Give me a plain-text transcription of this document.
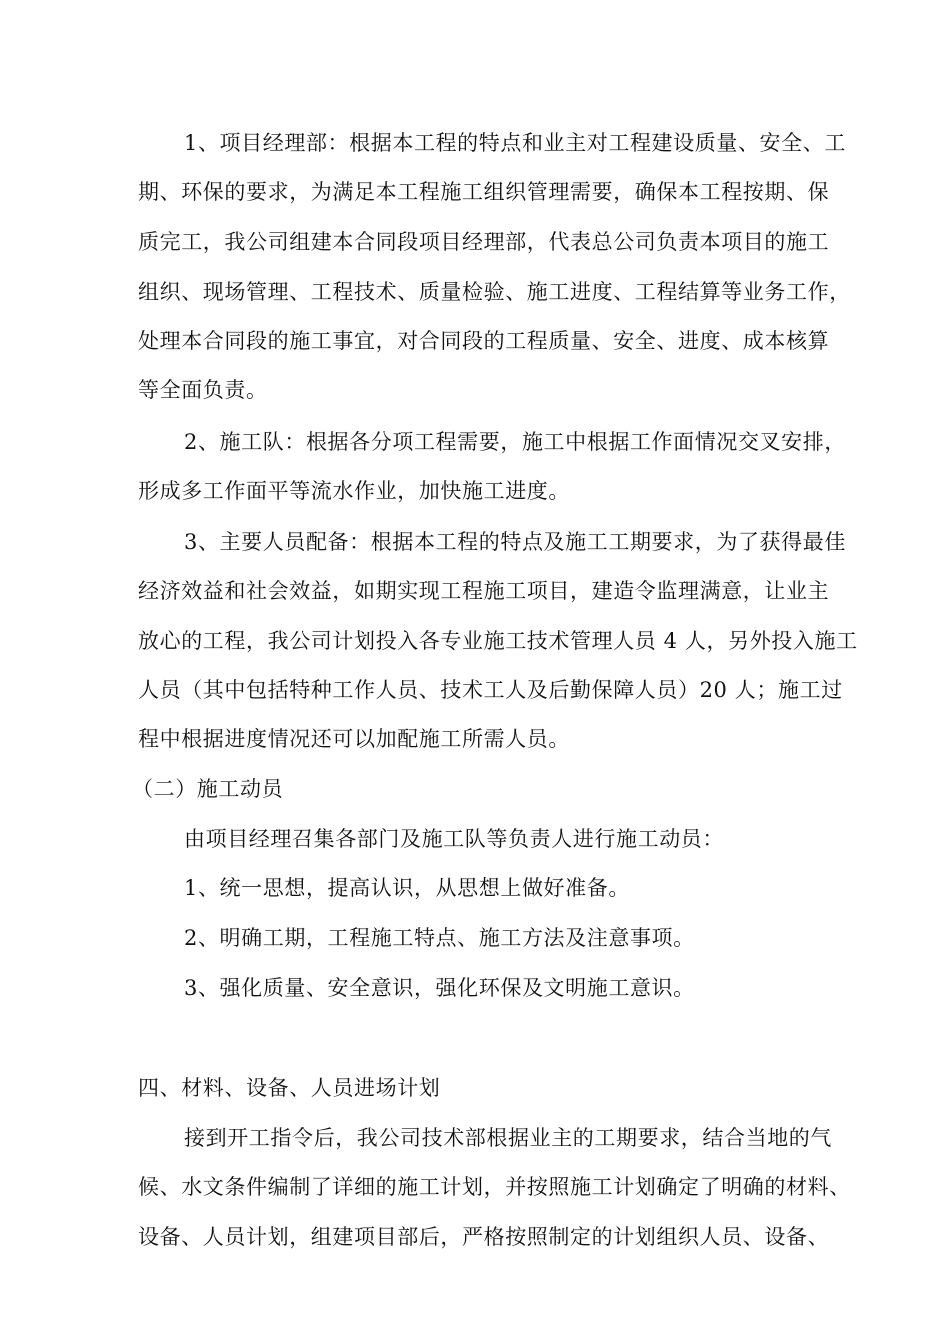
1、项目经理部：根据本工程的特点和业主对工程建设质量、安全、工
期、环保的要求，为满足本工程施工组织管理需要，确保本工程按期、保
质完工，我公司组建本合同段项目经理部，代表总公司负责本项目的施工
组织、现场管理、工程技术、质量检验、施工进度、工程结算等业务工作，
处理本合同段的施工事宜，对合同段的工程质量、安全、进度、成本核算
等全面负责。
2、施工队：根据各分项工程需要，施工中根据工作面情况交叉安排，
形成多工作面平等流水作业，加快施工进度。
3、主要人员配备：根据本工程的特点及施工工期要求，为了获得最佳
经济效益和社会效益，如期实现工程施工项目，建造令监理满意，让业主
放心的工程，我公司计划投入各专业施工技术管理人员 4 人，另外投入施工
人员（其中包括特种工作人员、技术工人及后勤保障人员）20 人；施工过
程中根据进度情况还可以加配施工所需人员。
（二）施工动员
由项目经理召集各部门及施工队等负责人进行施工动员：
1、统一思想，提高认识，从思想上做好准备。
2、明确工期，工程施工特点、施工方法及注意事项。
3、强化质量、安全意识，强化环保及文明施工意识。
四、材料、设备、人员进场计划
接到开工指令后，我公司技术部根据业主的工期要求，结合当地的气
候、水文条件编制了详细的施工计划，并按照施工计划确定了明确的材料、
设备、人员计划，组建项目部后，严格按照制定的计划组织人员、设备、
